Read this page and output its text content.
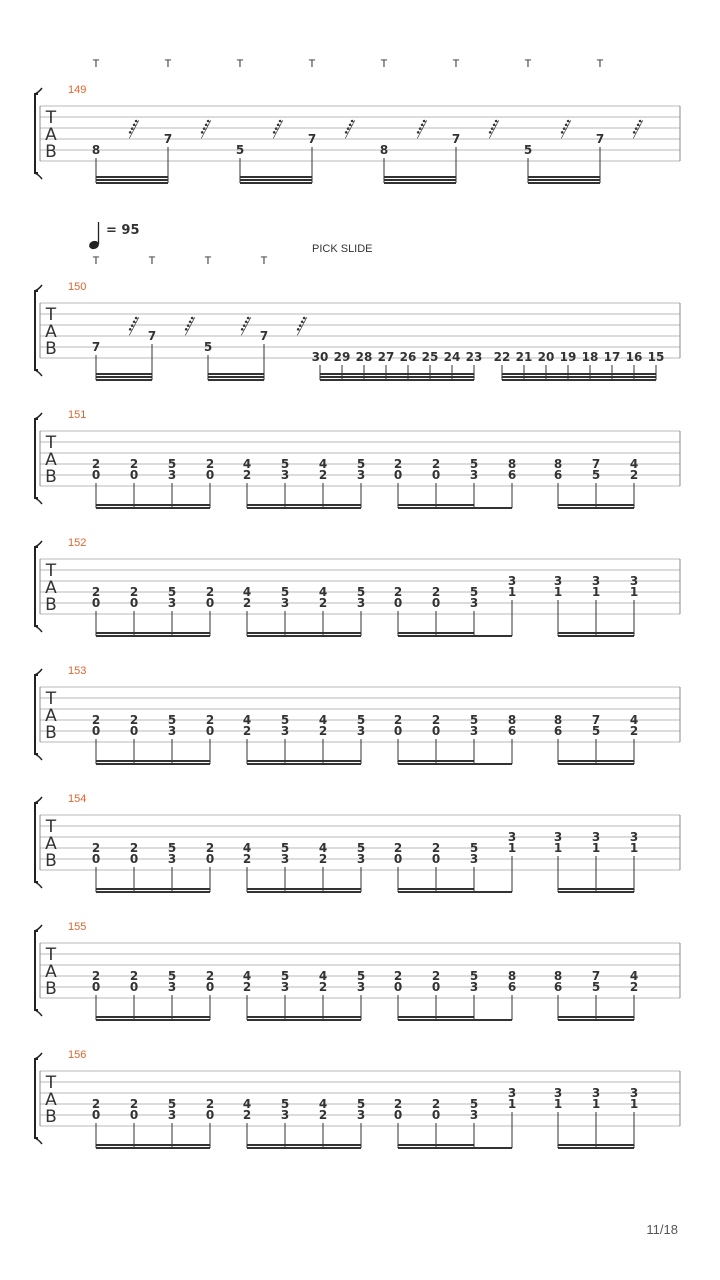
T
A
B
149
T	T	T	T	T	T	T	T
8
𝅁	7 𝅁
5
𝅁	7 𝅁
8
𝅁	7 𝅁
5
𝅁	7 𝅁
T
A
B
150
T	T	T	T
7
𝅁 7 𝅁
5
𝅁 7 𝅁
= 95
PICK SLIDE
30 29 28 27 26 25 24 23 22 21 20 19 18 17 16 15
T
A
B
151
2
0
2
0
5
3
2
0
4
2
5
3
4
2
5
3
2
0
2
0
5
3
8
6
8
6
7
5
4
2
T
A
B
152
2
0
2
0
5
3
2
0
4
2
5
3
4
2
5
3
2
0
2
0
5
3
3
1
3
1
3
1
3
1
T
A
B
153
2
0
2
0
5
3
2
0
4
2
5
3
4
2
5
3
2
0
2
0
5
3
8
6
8
6
7
5
4
2
T
A
B
154
2
0
2
0
5
3
2
0
4
2
5
3
4
2
5
3
2
0
2
0
5
3
3
1
3
1
3
1
3
1
T
A
B
155
2
0
2
0
5
3
2
0
4
2
5
3
4
2
5
3
2
0
2
0
5
3
8
6
8
6
7
5
4
2
T
A
B
156
2
0
2
0
5
3
2
0
4
2
5
3
4
2
5
3
2
0
2
0
5
3
3
1
3
1
3
1
3
1
11/18
